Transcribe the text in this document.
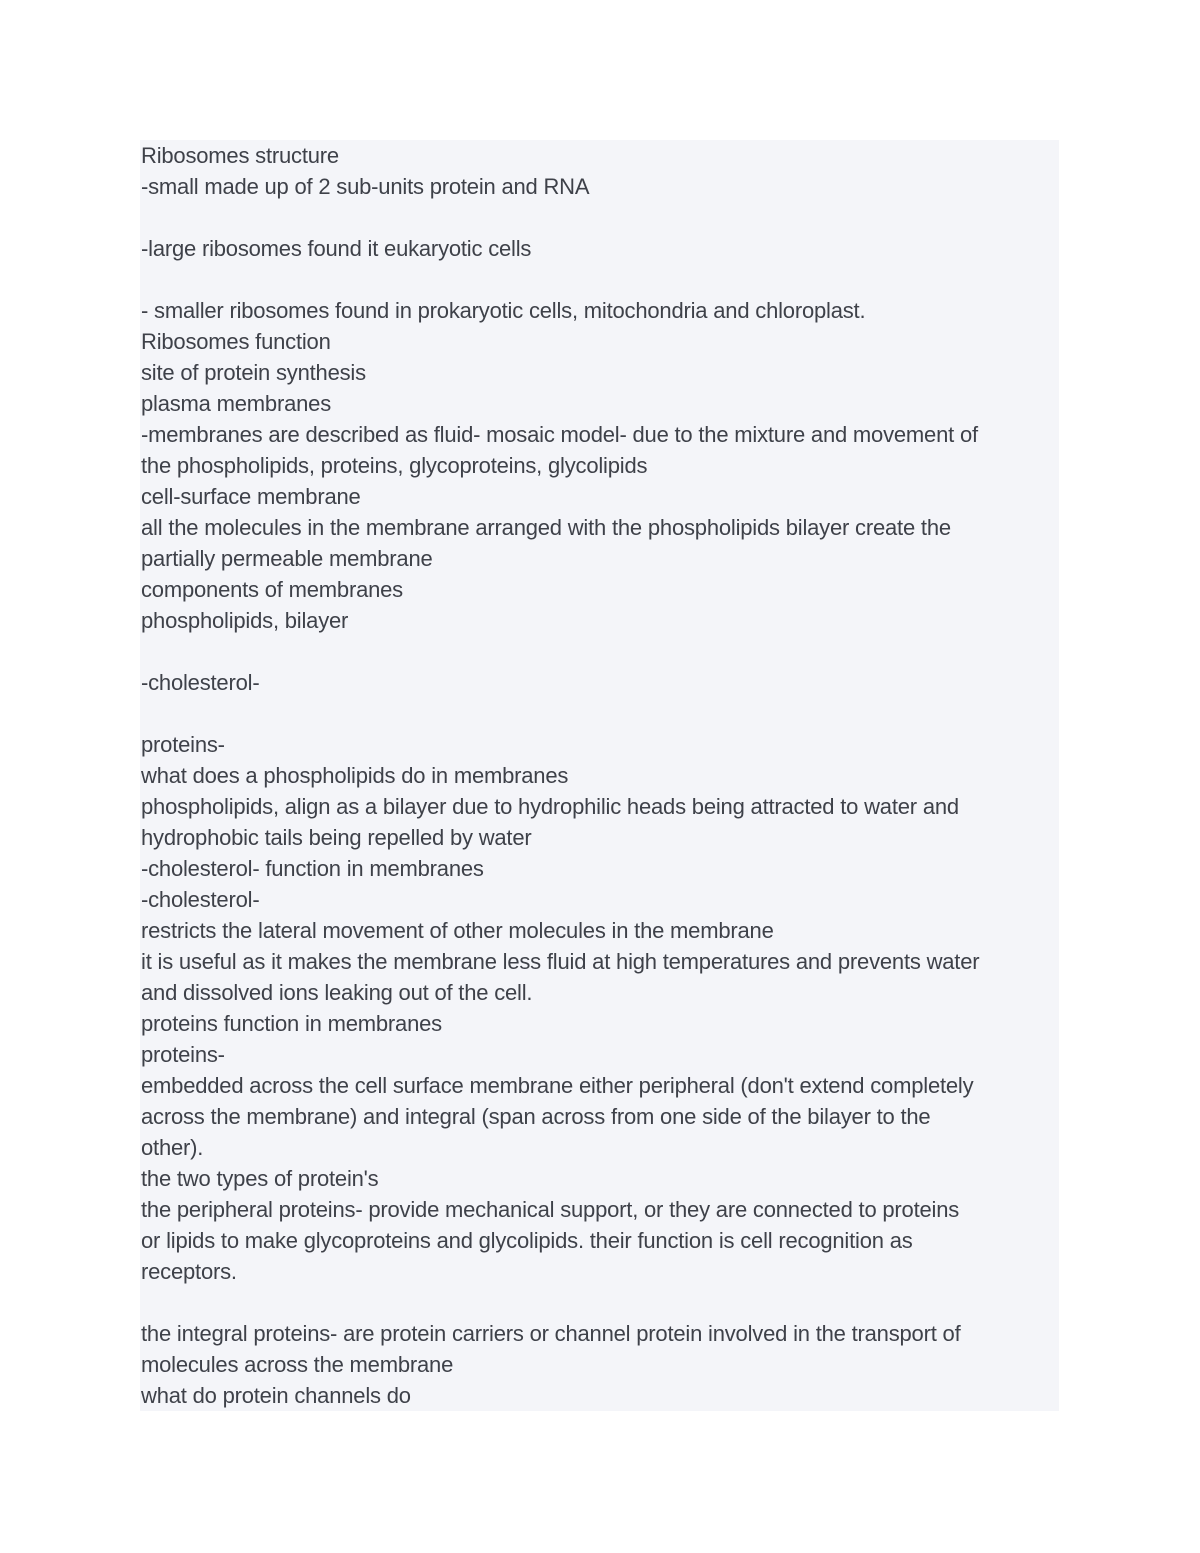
Ribosomes structure
-small made up of 2 sub-units protein and RNA
-large ribosomes found it eukaryotic cells
- smaller ribosomes found in prokaryotic cells, mitochondria and chloroplast.
Ribosomes function
site of protein synthesis
plasma membranes
-membranes are described as fluid- mosaic model- due to the mixture and movement of
the phospholipids, proteins, glycoproteins, glycolipids
cell-surface membrane
all the molecules in the membrane arranged with the phospholipids bilayer create the
partially permeable membrane
components of membranes
phospholipids, bilayer
-cholesterol-
proteins-
what does a phospholipids do in membranes
phospholipids, align as a bilayer due to hydrophilic heads being attracted to water and
hydrophobic tails being repelled by water
-cholesterol- function in membranes
-cholesterol-
restricts the lateral movement of other molecules in the membrane
it is useful as it makes the membrane less fluid at high temperatures and prevents water
and dissolved ions leaking out of the cell.
proteins function in membranes
proteins-
embedded across the cell surface membrane either peripheral (don't extend completely
across the membrane) and integral (span across from one side of the bilayer to the
other).
the two types of protein's
the peripheral proteins- provide mechanical support, or they are connected to proteins
or lipids to make glycoproteins and glycolipids. their function is cell recognition as
receptors.
the integral proteins- are protein carriers or channel protein involved in the transport of
molecules across the membrane
what do protein channels do
